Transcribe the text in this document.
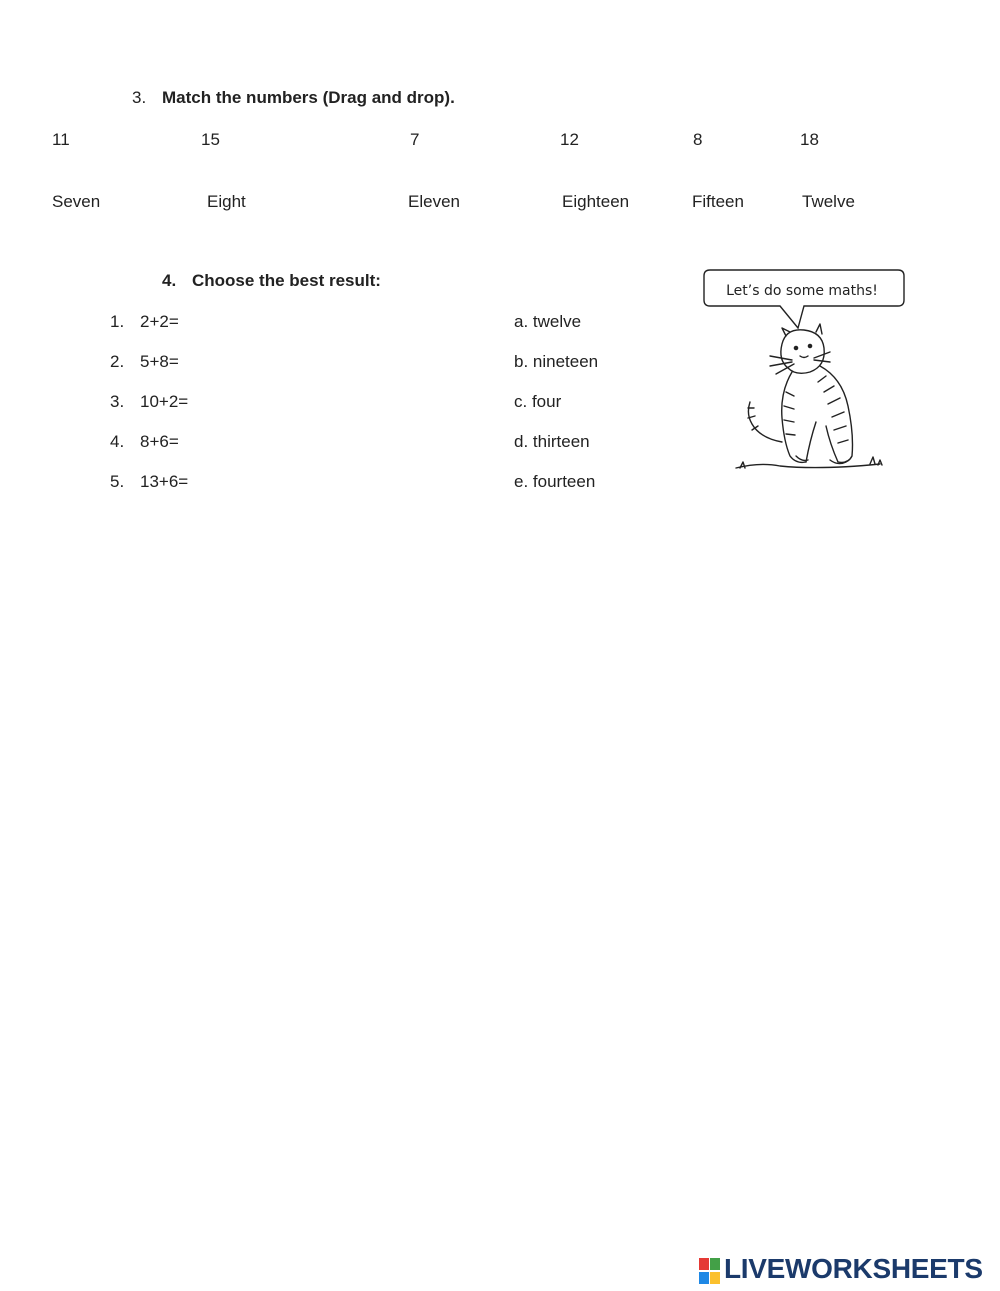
3. Match the numbers (Drag and drop).
11	15	7	12	8	18
Seven	Eight	Eleven	Eighteen	Fifteen	Twelve
4. Choose the best result:
1. 2+2=
2. 5+8=
3. 10+2=
4. 8+6=
5. 13+6=
a. twelve
b. nineteen
c. four
d. thirteen
e. fourteen
Let’s do some maths!
LIVEWORKSHEETS
